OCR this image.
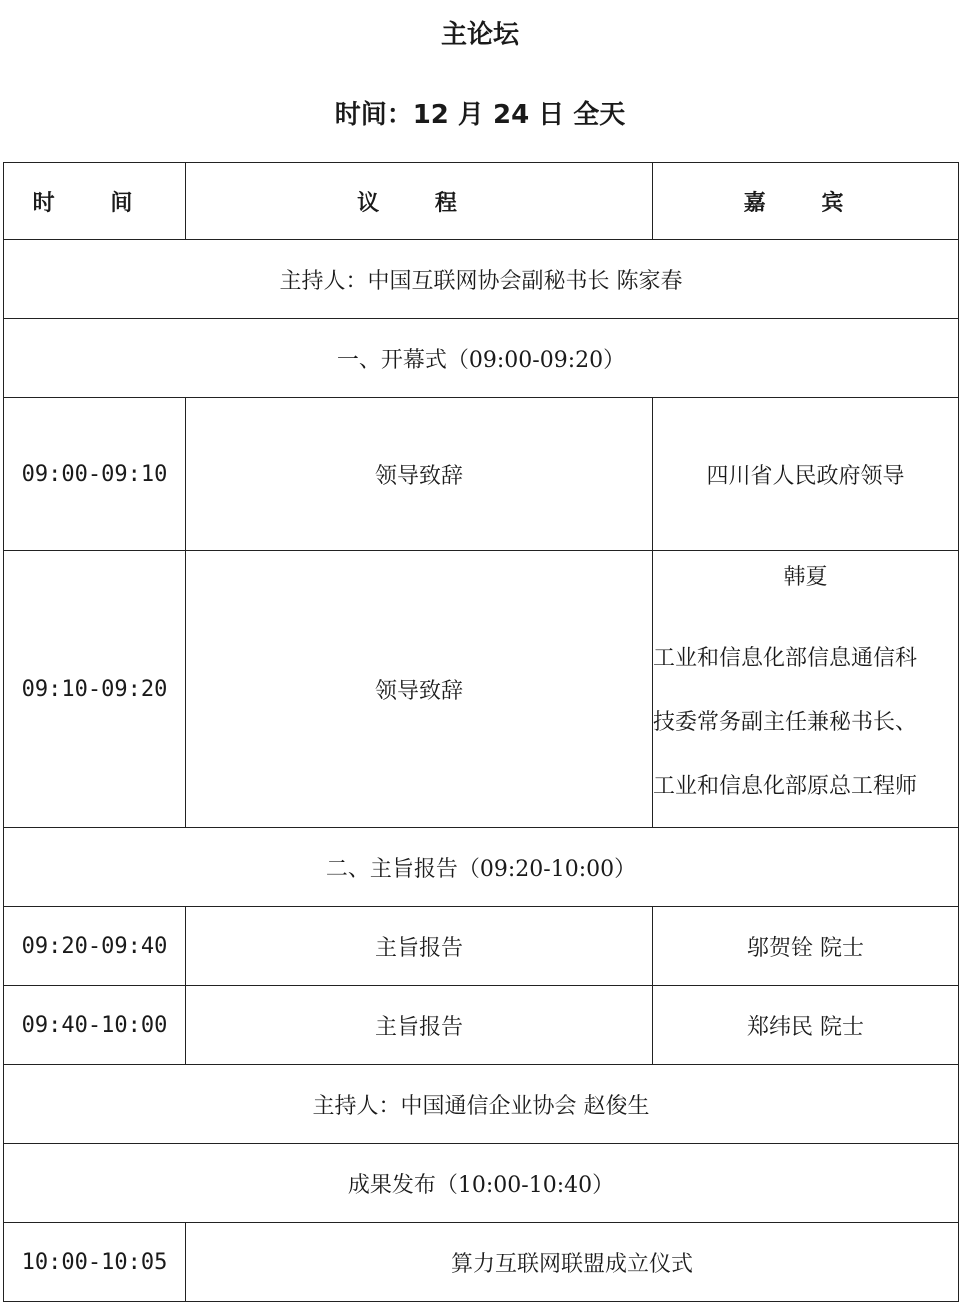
主论坛
时间：12 月 24 日 全天
时 间	议 程	嘉 宾
主持人：中国互联网协会副秘书长 陈家春		
一、开幕式（09:00-09:20）		
09:00-09:10	领导致辞	四川省人民政府领导
09:10-09:20	领导致辞	韩夏
工业和信息化部信息通信科
技委常务副主任兼秘书长、
工业和信息化部原总工程师

二、主旨报告（09:20-10:00）		
09:20-09:40	主旨报告	邬贺铨 院士
09:40-10:00	主旨报告	郑纬民 院士
主持人：中国通信企业协会 赵俊生		
成果发布（10:00-10:40）		
10:00-10:05	算力互联网联盟成立仪式	
